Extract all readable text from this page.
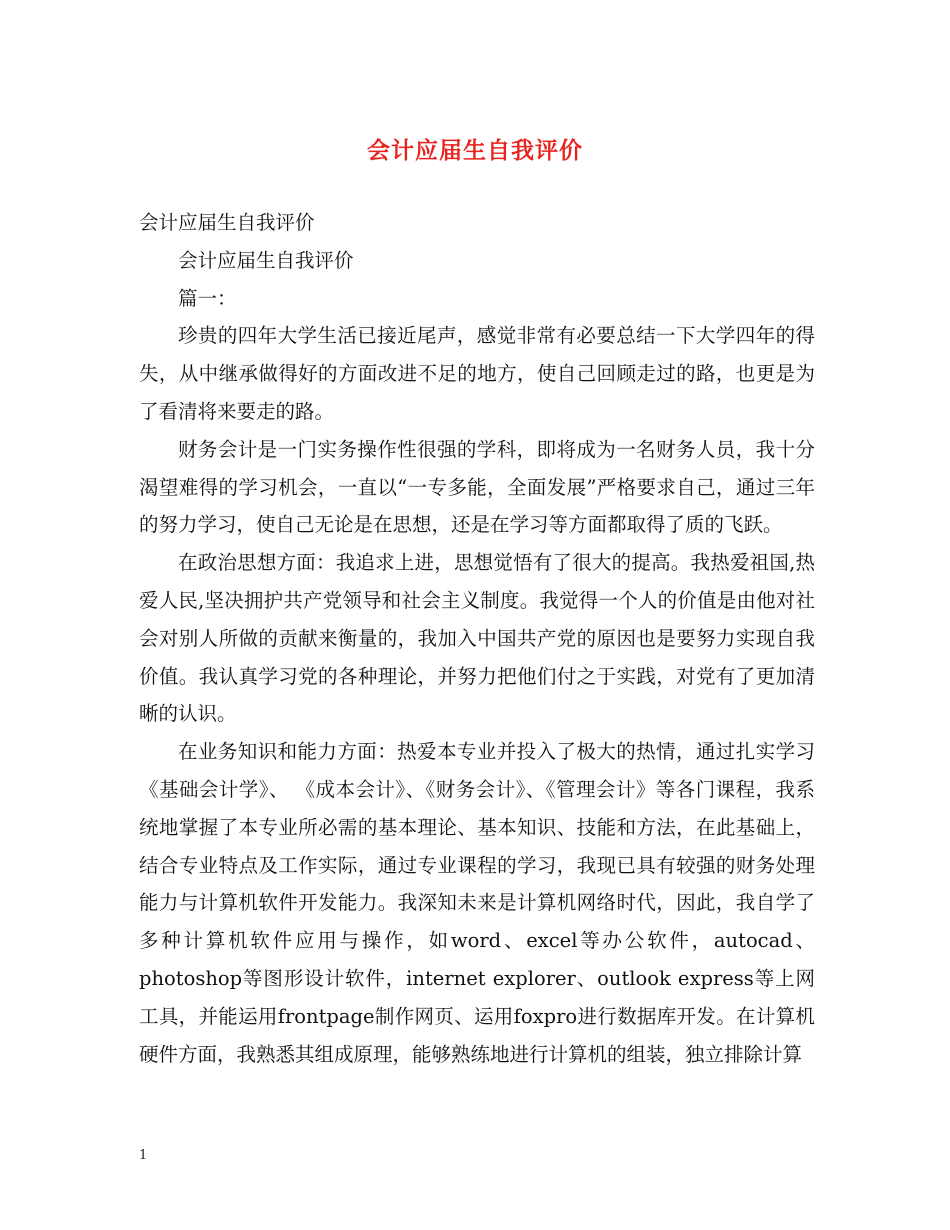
会计应届生自我评价

会计应届生自我评价

会计应届生自我评价

篇一：

珍贵的四年大学生活已接近尾声，感觉非常有必要总结一下大学四年的得失，从中继承做得好的方面改进不足的地方，使自己回顾走过的路，也更是为了看清将来要走的路。

财务会计是一门实务操作性很强的学科，即将成为一名财务人员，我十分渴望难得的学习机会，一直以“一专多能，全面发展”严格要求自己，通过三年的努力学习，使自己无论是在思想，还是在学习等方面都取得了质的飞跃。

在政治思想方面：我追求上进，思想觉悟有了很大的提高。我热爱祖国,热爱人民,坚决拥护共产党领导和社会主义制度。我觉得一个人的价值是由他对社会对别人所做的贡献来衡量的，我加入中国共产党的原因也是要努力实现自我价值。我认真学习党的各种理论，并努力把他们付之于实践，对党有了更加清晰的认识。

在业务知识和能力方面：热爱本专业并投入了极大的热情，通过扎实学习《基础会计学》、 《成本会计》、《财务会计》、《管理会计》等各门课程，我系统地掌握了本专业所必需的基本理论、基本知识、技能和方法，在此基础上，结合专业特点及工作实际，通过专业课程的学习，我现已具有较强的财务处理能力与计算机软件开发能力。我深知未来是计算机网络时代，因此，我自学了多种计算机软件应用与操作，如word、excel等办公软件，autocad、photoshop等图形设计软件，internet explorer、outlook express等上网工具，并能运用frontpage制作网页、运用foxpro进行数据库开发。在计算机硬件方面，我熟悉其组成原理，能够熟练地进行计算机的组装，独立排除计算

1
